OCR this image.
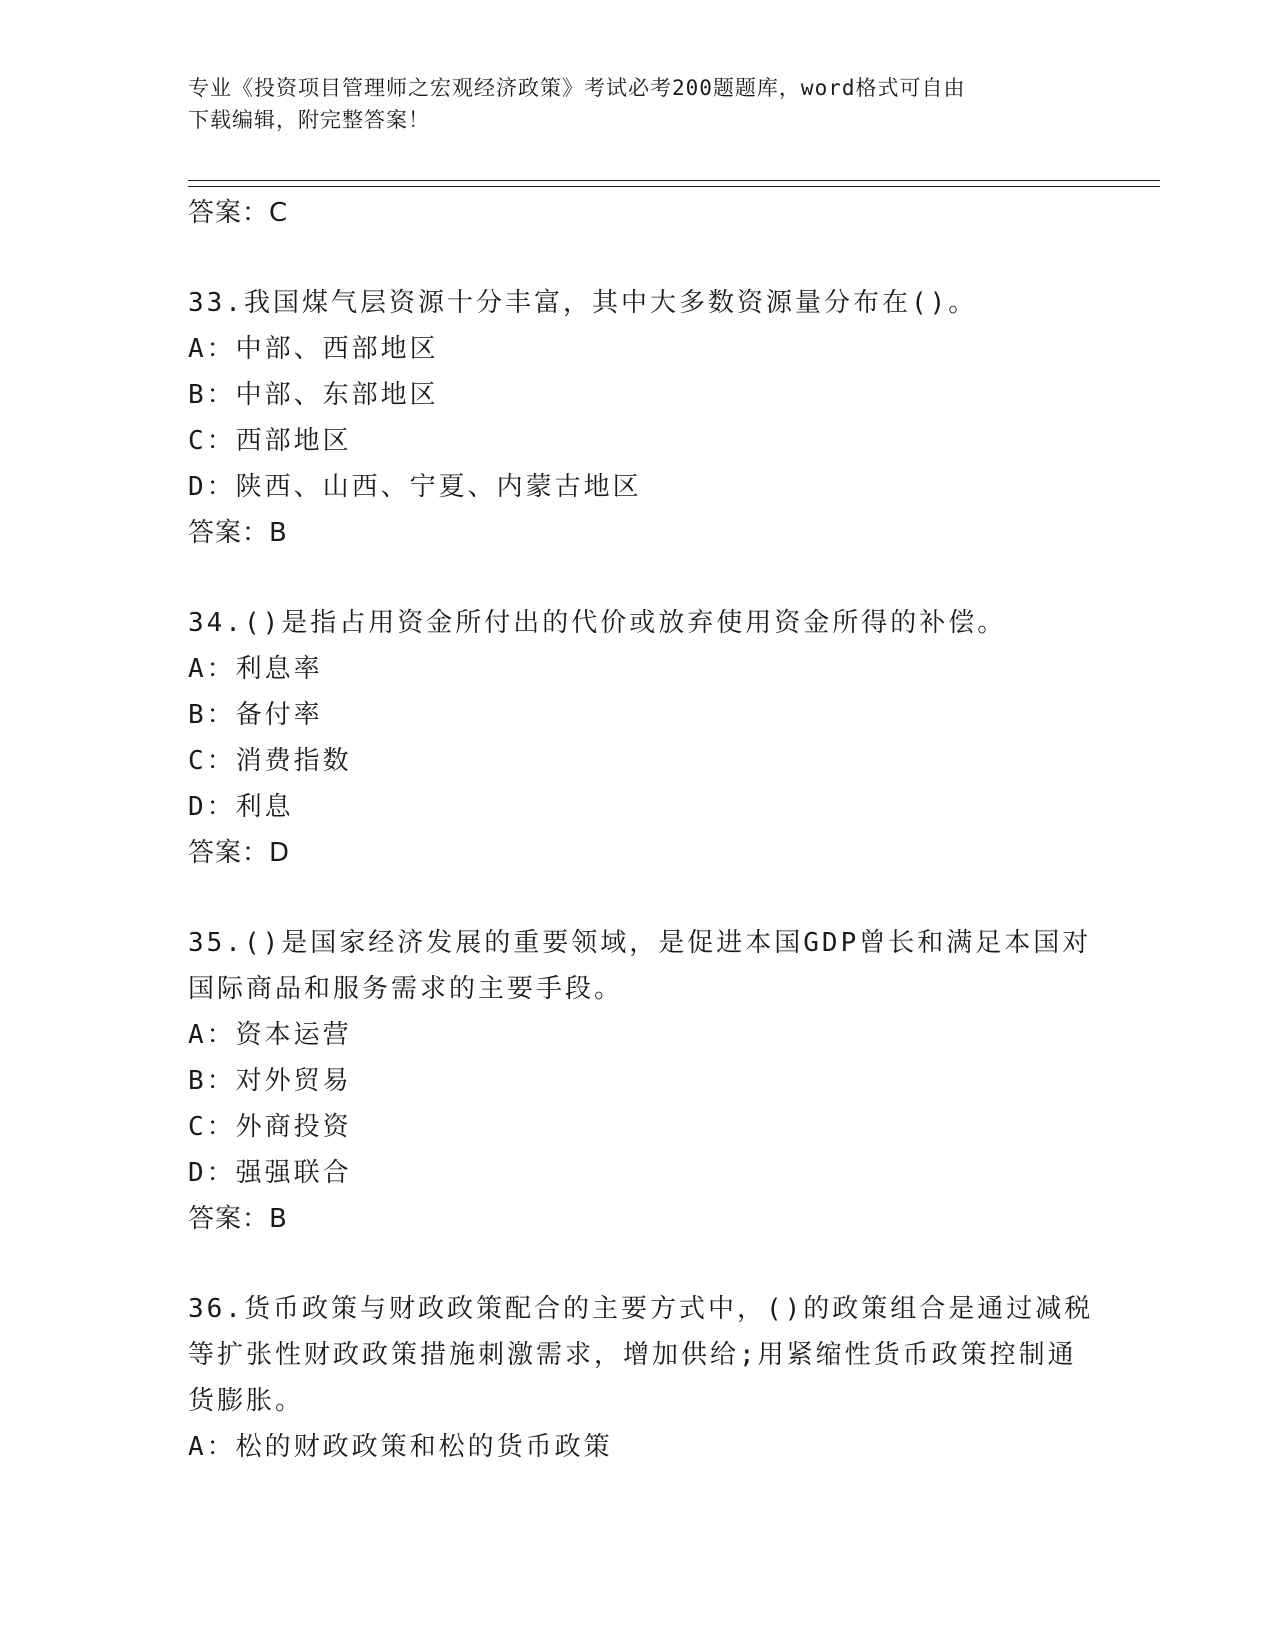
专业《投资项目管理师之宏观经济政策》考试必考200题题库，word格式可自由
下载编辑，附完整答案！
答案：C
33.我国煤气层资源十分丰富，其中大多数资源量分布在()。
A：中部、西部地区
B：中部、东部地区
C：西部地区
D：陕西、山西、宁夏、内蒙古地区
答案：B
34.()是指占用资金所付出的代价或放弃使用资金所得的补偿。
A：利息率
B：备付率
C：消费指数
D：利息
答案：D
35.()是国家经济发展的重要领域，是促进本国GDP曾长和满足本国对
国际商品和服务需求的主要手段。
A：资本运营
B：对外贸易
C：外商投资
D：强强联合
答案：B
36.货币政策与财政政策配合的主要方式中，()的政策组合是通过减税
等扩张性财政政策措施刺激需求，增加供给;用紧缩性货币政策控制通
货膨胀。
A：松的财政政策和松的货币政策
